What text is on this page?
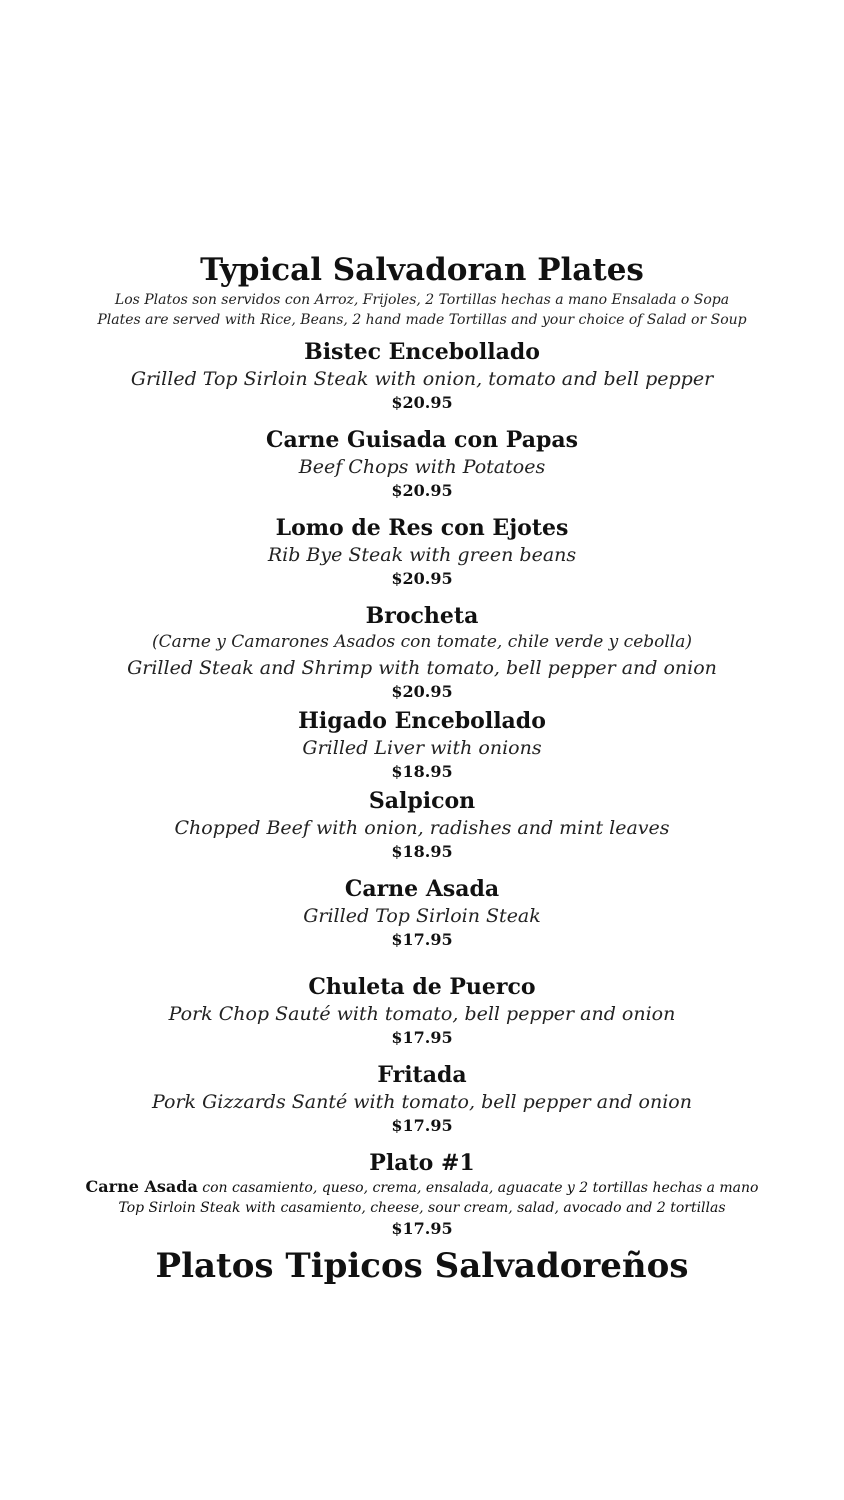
Typical Salvadoran Plates

Los Platos son servidos con Arroz, Frijoles, 2 Tortillas hechas a mano Ensalada o Sopa

Plates are served with Rice, Beans, 2 hand made Tortillas and your choice of Salad or Soup

Bistec Encebollado
Grilled Top Sirloin Steak with onion, tomato and bell pepper
$20.95
Carne Guisada con Papas
Beef Chops with Potatoes
$20.95
Lomo de Res con Ejotes
Rib Bye Steak with green beans
$20.95
Brocheta
(Carne y Camarones Asados con tomate, chile verde y cebolla)
Grilled Steak and Shrimp with tomato, bell pepper and onion
$20.95
Higado Encebollado
Grilled Liver with onions
$18.95
Salpicon
Chopped Beef with onion, radishes and mint leaves
$18.95
Carne Asada
Grilled Top Sirloin Steak
$17.95
Chuleta de Puerco
Pork Chop Sauté with tomato, bell pepper and onion
$17.95
Fritada
Pork Gizzards Santé with tomato, bell pepper and onion
$17.95
Plato #1
Carne Asada con casamiento, queso, crema, ensalada, aguacate y 2 tortillas hechas a mano
Top Sirloin Steak with casamiento, cheese, sour cream, salad, avocado and 2 tortillas
$17.95
Platos Tipicos Salvadoreños
